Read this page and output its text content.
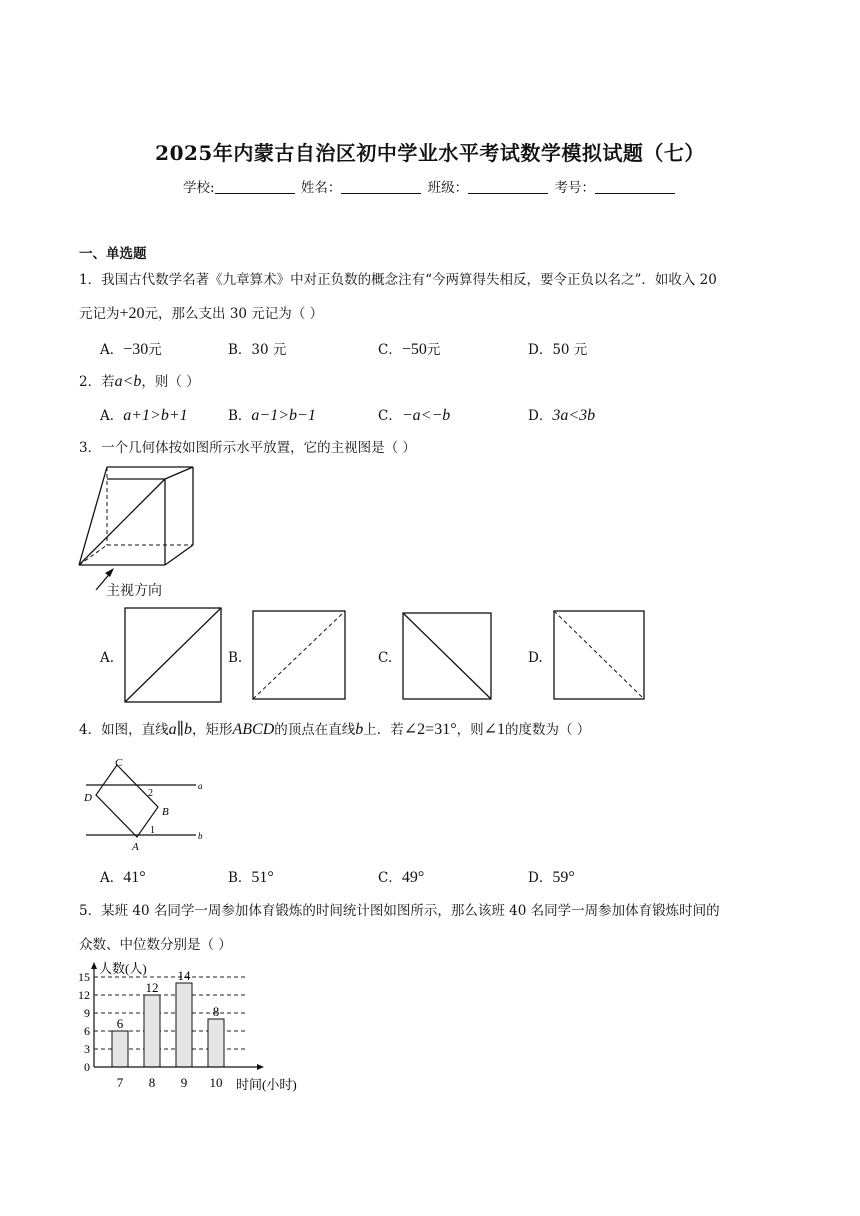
2025年内蒙古自治区初中学业水平考试数学模拟试题（七）
学校:	姓名：	班级：	考号：
一、单选题
1．我国古代数学名著《九章算术》中对正负数的概念注有“今两算得失相反，要令正负以名之”．如收入 20
元记为+20元，那么支出 30 元记为（ ）
A．−30元	B．30 元	C．−50元	D．50 元
2．若a<b，则（ ）
A．a+1>b+1	B．a−1>b−1	C．−a<−b	D．3a<3b
3．一个几何体按如图所示水平放置，它的主视图是（ ）
主视方向
A.	B.	C.	D.
4．如图，直线a∥b，矩形ABCD的顶点在直线b上．若∠2=31°，则∠1的度数为（ ）
C
D
B
A
2
1
a
b
A．41°	B．51°	C．49°	D．59°
5．某班 40 名同学一周参加体育锻炼的时间统计图如图所示，那么该班 40 名同学一周参加体育锻炼时间的
众数、中位数分别是（ ）
人数(人)
时间(小时)
0
3
6
9
12
15
6
7
12
8
14
9
8
10
